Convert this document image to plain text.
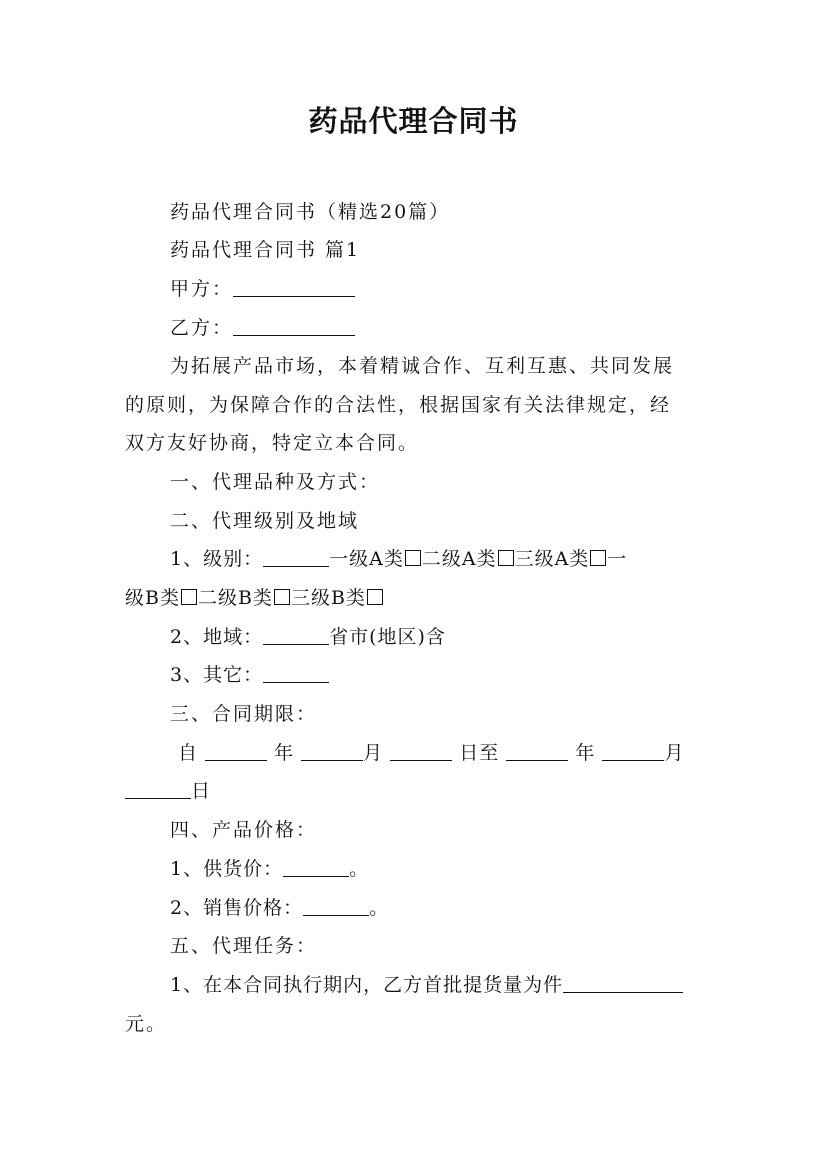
药品代理合同书
药品代理合同书（精选20篇）
药品代理合同书 篇1
甲方：
乙方：
为拓展产品市场，本着精诚合作、互利互惠、共同发展
的原则，为保障合作的合法性，根据国家有关法律规定，经
双方友好协商，特定立本合同。
一、代理品种及方式：
二、代理级别及地域
1、级别：	一级A类 二级A类 三级A类 一
级B类 二级B类 三级B类
2、地域：	省市(地区)含
3、其它：
三、合同期限：
自	年	月	日至	年	月
日
四、产品价格：
1、供货价：	。
2、销售价格：	。
五、代理任务：
1、在本合同执行期内，乙方首批提货量为件
元。
